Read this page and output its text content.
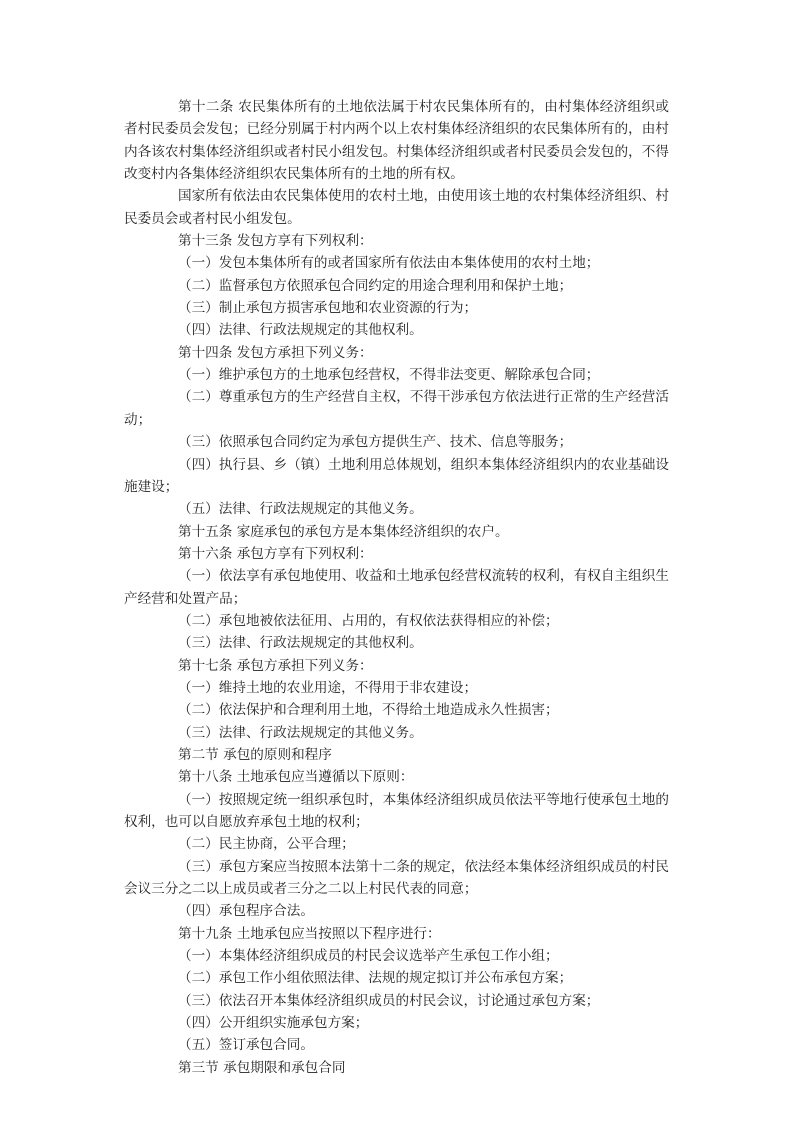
第十二条 农民集体所有的土地依法属于村农民集体所有的，由村集体经济组织或者村民委员会发包；已经分别属于村内两个以上农村集体经济组织的农民集体所有的，由村内各该农村集体经济组织或者村民小组发包。村集体经济组织或者村民委员会发包的，不得改变村内各集体经济组织农民集体所有的土地的所有权。

国家所有依法由农民集体使用的农村土地，由使用该土地的农村集体经济组织、村民委员会或者村民小组发包。

第十三条 发包方享有下列权利：

（一）发包本集体所有的或者国家所有依法由本集体使用的农村土地；

（二）监督承包方依照承包合同约定的用途合理利用和保护土地；

（三）制止承包方损害承包地和农业资源的行为；

（四）法律、行政法规规定的其他权利。

第十四条 发包方承担下列义务：

（一）维护承包方的土地承包经营权，不得非法变更、解除承包合同；

（二）尊重承包方的生产经营自主权，不得干涉承包方依法进行正常的生产经营活动；

（三）依照承包合同约定为承包方提供生产、技术、信息等服务；

（四）执行县、乡（镇）土地利用总体规划，组织本集体经济组织内的农业基础设施建设；

（五）法律、行政法规规定的其他义务。

第十五条 家庭承包的承包方是本集体经济组织的农户。

第十六条 承包方享有下列权利：

（一）依法享有承包地使用、收益和土地承包经营权流转的权利，有权自主组织生产经营和处置产品；

（二）承包地被依法征用、占用的，有权依法获得相应的补偿；

（三）法律、行政法规规定的其他权利。

第十七条 承包方承担下列义务：

（一）维持土地的农业用途，不得用于非农建设；

（二）依法保护和合理利用土地，不得给土地造成永久性损害；

（三）法律、行政法规规定的其他义务。

第二节 承包的原则和程序

第十八条 土地承包应当遵循以下原则：

（一）按照规定统一组织承包时，本集体经济组织成员依法平等地行使承包土地的权利，也可以自愿放弃承包土地的权利；

（二）民主协商，公平合理；

（三）承包方案应当按照本法第十二条的规定，依法经本集体经济组织成员的村民会议三分之二以上成员或者三分之二以上村民代表的同意；

（四）承包程序合法。

第十九条 土地承包应当按照以下程序进行：

（一）本集体经济组织成员的村民会议选举产生承包工作小组；

（二）承包工作小组依照法律、法规的规定拟订并公布承包方案；

（三）依法召开本集体经济组织成员的村民会议，讨论通过承包方案；

（四）公开组织实施承包方案；

（五）签订承包合同。

第三节 承包期限和承包合同
